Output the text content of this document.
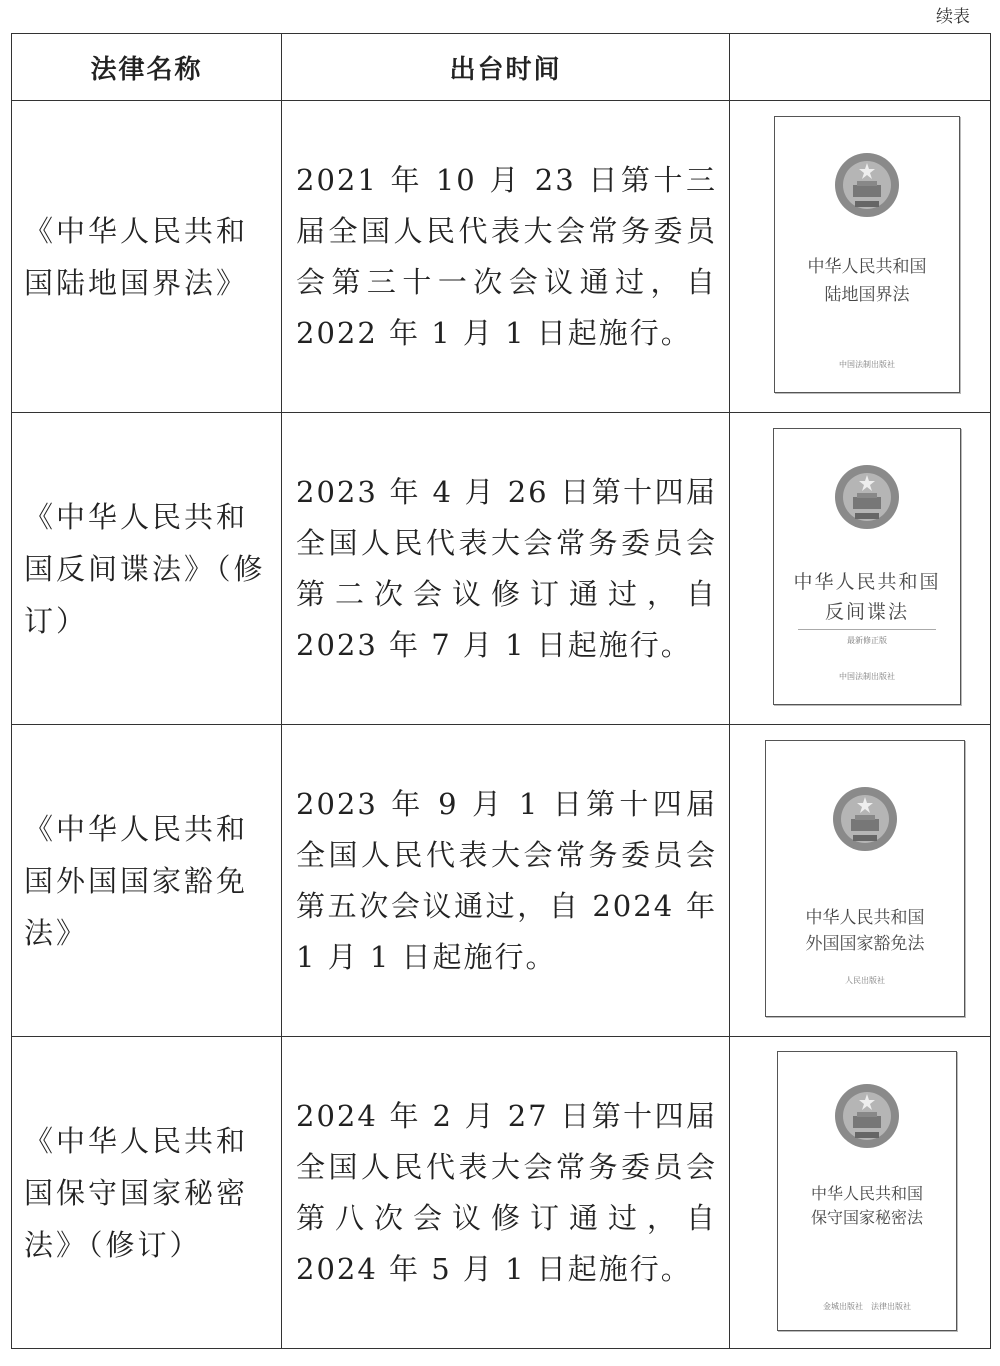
续表
法律名称	出台时间	
《中华人民共和国陆地国界法》	2021 年 10 月 23 日第十三届全国人民代表大会常务委员会第三十一次会议通过，自 2022 年 1 月 1 日起施行。	中华人民共和国
陆地国界法
中国法制出版社

《中华人民共和国反间谍法》（修订）	2023 年 4 月 26 日第十四届全国人民代表大会常务委员会第二次会议修订通过，自 2023 年 7 月 1 日起施行。	中华人民共和国
反间谍法
最新修正版
中国法制出版社

《中华人民共和国外国国家豁免法》	2023 年 9 月 1 日第十四届全国人民代表大会常务委员会第五次会议通过，自 2024 年 1 月 1 日起施行。	中华人民共和国
外国国家豁免法
人民出版社

《中华人民共和国保守国家秘密法》（修订）	2024 年 2 月 27 日第十四届全国人民代表大会常务委员会第八次会议修订通过，自 2024 年 5 月 1 日起施行。	中华人民共和国
保守国家秘密法
金城出版社　法律出版社
